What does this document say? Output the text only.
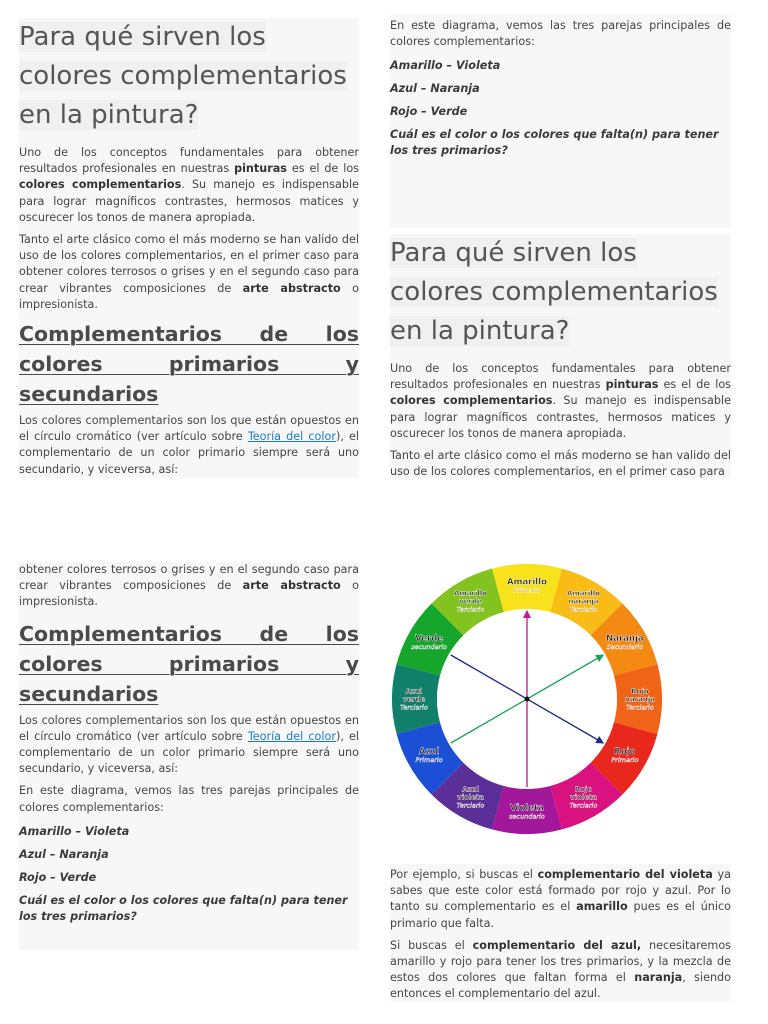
Para qué sirven los colores complementarios en la pintura?

Uno de los conceptos fundamentales para obtener resultados profesionales en nuestras pinturas es el de los colores complementarios. Su manejo es indispensable para lograr magníficos contrastes, hermosos matices y oscurecer los tonos de manera apropiada.

Tanto el arte clásico como el más moderno se han valido del uso de los colores complementarios, en el primer caso para obtener colores terrosos o grises y en el segundo caso para crear vibrantes composiciones de arte abstracto o impresionista.

Complementarios de los colores primarios y secundarios

Los colores complementarios son los que están opuestos en el círculo cromático (ver artículo sobre Teoría del color), el complementario de un color primario siempre será uno secundario, y viceversa, así:

En este diagrama, vemos las tres parejas principales de colores complementarios:

Amarillo – Violeta

Azul – Naranja

Rojo – Verde

Cuál es el color o los colores que falta(n) para tener los tres primarios?

Para qué sirven los colores complementarios en la pintura?

Uno de los conceptos fundamentales para obtener resultados profesionales en nuestras pinturas es el de los colores complementarios. Su manejo es indispensable para lograr magníficos contrastes, hermosos matices y oscurecer los tonos de manera apropiada.

Tanto el arte clásico como el más moderno se han valido del uso de los colores complementarios, en el primer caso para

obtener colores terrosos o grises y en el segundo caso para crear vibrantes composiciones de arte abstracto o impresionista.

Complementarios de los colores primarios y secundarios

Los colores complementarios son los que están opuestos en el círculo cromático (ver artículo sobre Teoría del color), el complementario de un color primario siempre será uno secundario, y viceversa, así:

En este diagrama, vemos las tres parejas principales de colores complementarios:

Amarillo – Violeta

Azul – Naranja

Rojo – Verde

Cuál es el color o los colores que falta(n) para tener los tres primarios?

Amarillo
Primario	Amarillo
naranja
Terciario
Naranja
Secundario
Rojo
naranja
Terciario
Rojo
Primario
Rojo
violeta
Terciario
Violeta
secundario
Azul
violeta
Terciario
Azul
Primario
Azul
verde
Terciario
Verde
secundario
Amarillo
verde
Terciario

Por ejemplo, si buscas el complementario del violeta ya sabes que este color está formado por rojo y azul. Por lo tanto su complementario es el amarillo pues es el único primario que falta.

Si buscas el complementario del azul, necesitaremos amarillo y rojo para tener los tres primarios, y la mezcla de estos dos colores que faltan forma el naranja, siendo entonces el complementario del azul.
